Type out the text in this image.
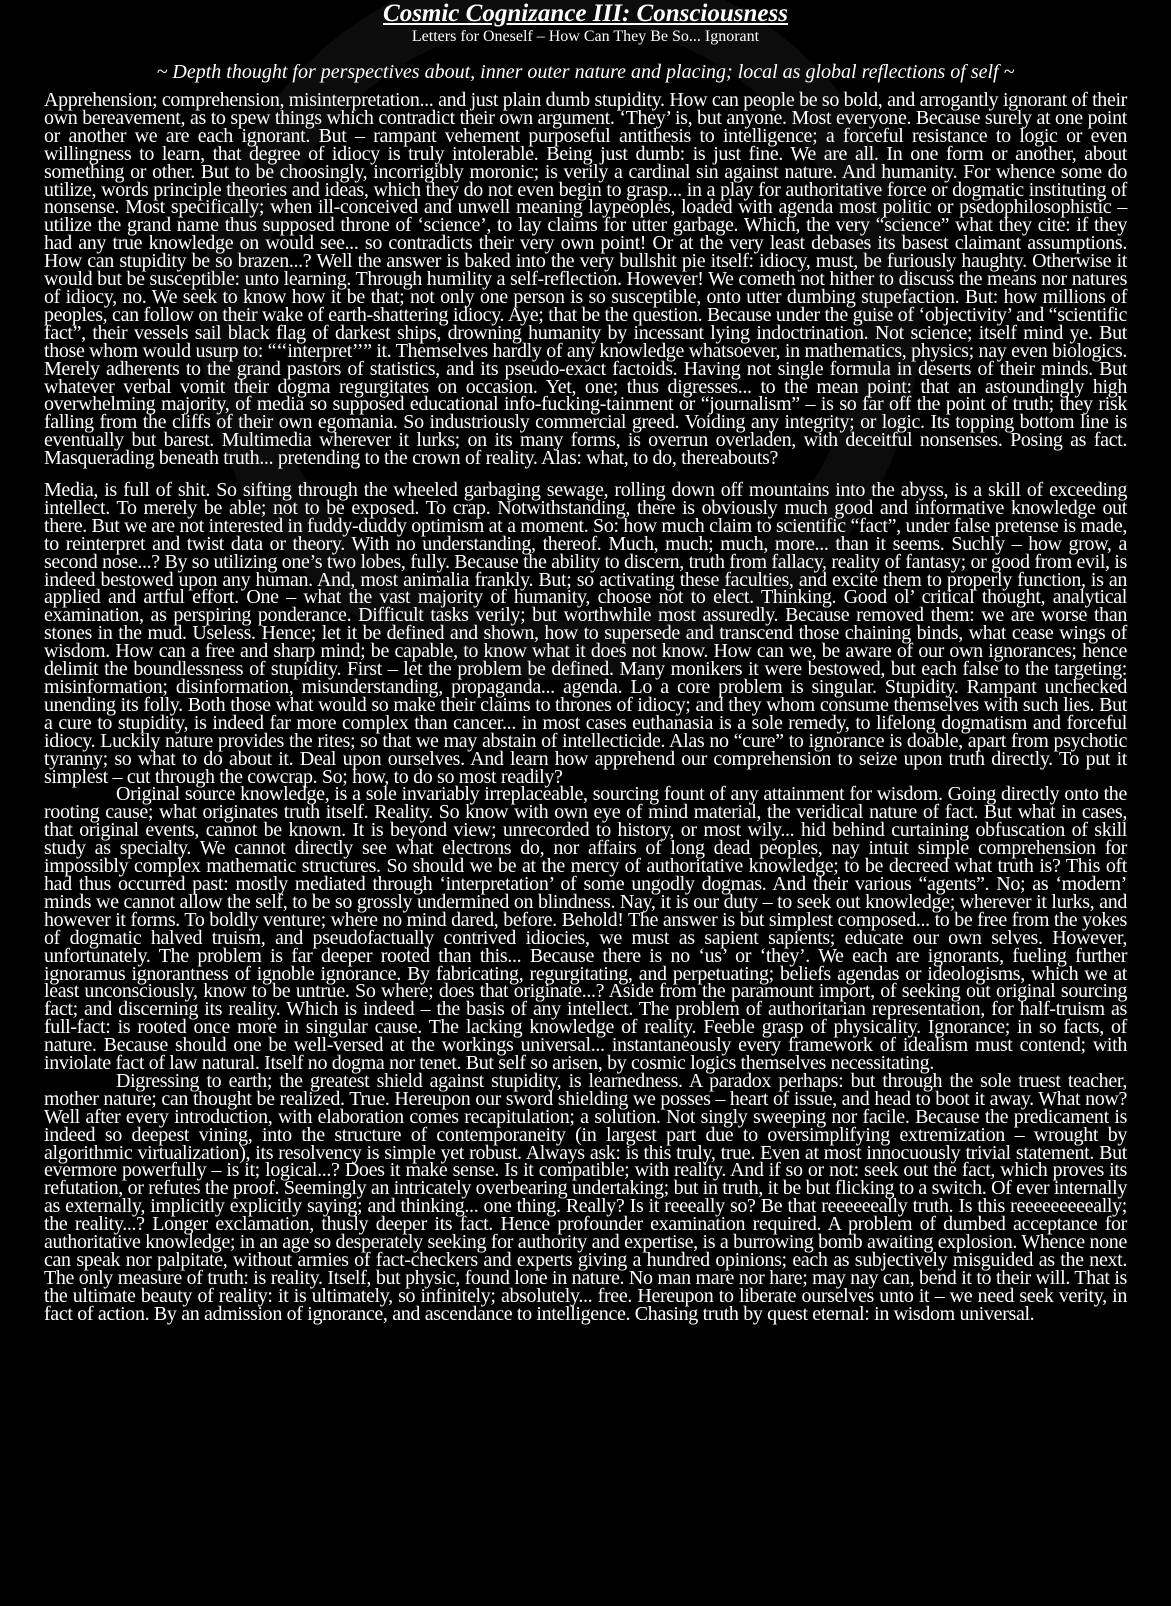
Cosmic Cognizance III: Consciousness

Letters for Oneself – How Can They Be So... Ignorant

~ Depth thought for perspectives about, inner outer nature and placing; local as global reflections of self ~

Apprehension; comprehension, misinterpretation... and just plain dumb stupidity. How can people be so bold, and arrogantly ignorant of their own bereavement, as to spew things which contradict their own argument. ‘They’ is, but anyone. Most everyone. Because surely at one point or another we are each ignorant. But – rampant vehement purposeful antithesis to intelligence; a forceful resistance to logic or even willingness to learn, that degree of idiocy is truly intolerable. Being just dumb: is just fine. We are all. In one form or another, about something or other. But to be choosingly, incorrigibly moronic; is verily a cardinal sin against nature. And humanity. For whence some do utilize, words principle theories and ideas, which they do not even begin to grasp... in a play for authoritative force or dogmatic instituting of nonsense. Most specifically; when ill-conceived and unwell meaning laypeoples, loaded with agenda most politic or psedophilosophistic – utilize the grand name thus supposed throne of ‘science’, to lay claims for utter garbage. Which, the very “science” what they cite: if they had any true knowledge on would see... so contradicts their very own point! Or at the very least debases its basest claimant assumptions. How can stupidity be so brazen...? Well the answer is baked into the very bullshit pie itself: idiocy, must, be furiously haughty. Otherwise it would but be susceptible: unto learning. Through humility a self-reflection. However! We cometh not hither to discuss the means nor natures of idiocy, no. We seek to know how it be that; not only one person is so susceptible, onto utter dumbing stupefaction. But: how millions of peoples, can follow on their wake of earth-shattering idiocy. Aye; that be the question. Because under the guise of ‘objectivity’ and “scientific fact”, their vessels sail black flag of darkest ships, drowning humanity by incessant lying indoctrination. Not science; itself mind ye. But those whom would usurp to: “‘‘interpret’’” it. Themselves hardly of any knowledge whatsoever, in mathematics, physics; nay even biologics. Merely adherents to the grand pastors of statistics, and its pseudo-exact factoids. Having not single formula in deserts of their minds. But whatever verbal vomit their dogma regurgitates on occasion. Yet, one; thus digresses... to the mean point: that an astoundingly high overwhelming majority, of media so supposed educational info-fucking-tainment or “journalism” – is so far off the point of truth; they risk falling from the cliffs of their own egomania. So industriously commercial greed. Voiding any integrity; or logic. Its topping bottom line is eventually but barest. Multimedia wherever it lurks; on its many forms, is overrun overladen, with deceitful nonsenses. Posing as fact. Masquerading beneath truth... pretending to the crown of reality. Alas: what, to do, thereabouts?

Media, is full of shit. So sifting through the wheeled garbaging sewage, rolling down off mountains into the abyss, is a skill of exceeding intellect. To merely be able; not to be exposed. To crap. Notwithstanding, there is obviously much good and informative knowledge out there. But we are not interested in fuddy-duddy optimism at a moment. So: how much claim to scientific “fact”, under false pretense is made, to reinterpret and twist data or theory. With no understanding, thereof. Much, much; much, more... than it seems. Suchly – how grow, a second nose...? By so utilizing one’s two lobes, fully. Because the ability to discern, truth from fallacy, reality of fantasy; or good from evil, is indeed bestowed upon any human. And, most animalia frankly. But; so activating these faculties, and excite them to properly function, is an applied and artful effort. One – what the vast majority of humanity, choose not to elect. Thinking. Good ol’ critical thought, analytical examination, as perspiring ponderance. Difficult tasks verily; but worthwhile most assuredly. Because removed them: we are worse than stones in the mud. Useless. Hence; let it be defined and shown, how to supersede and transcend those chaining binds, what cease wings of wisdom. How can a free and sharp mind; be capable, to know what it does not know. How can we, be aware of our own ignorances; hence delimit the boundlessness of stupidity. First – let the problem be defined. Many monikers it were bestowed, but each false to the targeting: misinformation; disinformation, misunderstanding, propaganda... agenda. Lo a core problem is singular. Stupidity. Rampant unchecked unending its folly. Both those what would so make their claims to thrones of idiocy; and they whom consume themselves with such lies. But a cure to stupidity, is indeed far more complex than cancer... in most cases euthanasia is a sole remedy, to lifelong dogmatism and forceful idiocy. Luckily nature provides the rites; so that we may abstain of intellecticide. Alas no “cure” to ignorance is doable, apart from psychotic tyranny; so what to do about it. Deal upon ourselves. And learn how apprehend our comprehension to seize upon truth directly. To put it simplest – cut through the cowcrap. So; how, to do so most readily?

Original source knowledge, is a sole invariably irreplaceable, sourcing fount of any attainment for wisdom. Going directly onto the rooting cause; what originates truth itself. Reality. So know with own eye of mind material, the veridical nature of fact. But what in cases, that original events, cannot be known. It is beyond view; unrecorded to history, or most wily... hid behind curtaining obfuscation of skill study as specialty. We cannot directly see what electrons do, nor affairs of long dead peoples, nay intuit simple comprehension for impossibly complex mathematic structures. So should we be at the mercy of authoritative knowledge; to be decreed what truth is? This oft had thus occurred past: mostly mediated through ‘interpretation’ of some ungodly dogmas. And their various “agents”. No; as ‘modern’ minds we cannot allow the self, to be so grossly undermined on blindness. Nay, it is our duty – to seek out knowledge; wherever it lurks, and however it forms. To boldly venture; where no mind dared, before. Behold! The answer is but simplest composed... to be free from the yokes of dogmatic halved truism, and pseudofactually contrived idiocies, we must as sapient sapients; educate our own selves. However, unfortunately. The problem is far deeper rooted than this... Because there is no ‘us’ or ‘they’. We each are ignorants, fueling further ignoramus ignorantness of ignoble ignorance. By fabricating, regurgitating, and perpetuating; beliefs agendas or ideologisms, which we at least unconsciously, know to be untrue. So where; does that originate...? Aside from the paramount import, of seeking out original sourcing fact; and discerning its reality. Which is indeed – the basis of any intellect. The problem of authoritarian representation, for half-truism as full-fact: is rooted once more in singular cause. The lacking knowledge of reality. Feeble grasp of physicality. Ignorance; in so facts, of nature. Because should one be well-versed at the workings universal... instantaneously every framework of idealism must contend; with inviolate fact of law natural. Itself no dogma nor tenet. But self so arisen, by cosmic logics themselves necessitating.

Digressing to earth; the greatest shield against stupidity, is learnedness. A paradox perhaps: but through the sole truest teacher, mother nature; can thought be realized. True. Hereupon our sword shielding we posses – heart of issue, and head to boot it away. What now? Well after every introduction, with elaboration comes recapitulation; a solution. Not singly sweeping nor facile. Because the predicament is indeed so deepest vining, into the structure of contemporaneity (in largest part due to oversimplifying extremization – wrought by algorithmic virtualization), its resolvency is simple yet robust. Always ask: is this truly, true. Even at most innocuously trivial statement. But evermore powerfully – is it; logical...? Does it make sense. Is it compatible; with reality. And if so or not: seek out the fact, which proves its refutation, or refutes the proof. Seemingly an intricately overbearing undertaking; but in truth, it be but flicking to a switch. Of ever internally as externally, implicitly explicitly saying; and thinking... one thing. Really? Is it reeeally so? Be that reeeeeeally truth. Is this reeeeeeeeeally; the reality...? Longer exclamation, thusly deeper its fact. Hence profounder examination required. A problem of dumbed acceptance for authoritative knowledge; in an age so desperately seeking for authority and expertise, is a burrowing bomb awaiting explosion. Whence none can speak nor palpitate, without armies of fact-checkers and experts giving a hundred opinions; each as subjectively misguided as the next. The only measure of truth: is reality. Itself, but physic, found lone in nature. No man mare nor hare; may nay can, bend it to their will. That is the ultimate beauty of reality: it is ultimately, so infinitely; absolutely... free. Hereupon to liberate ourselves unto it – we need seek verity, in fact of action. By an admission of ignorance, and ascendance to intelligence. Chasing truth by quest eternal: in wisdom universal.
